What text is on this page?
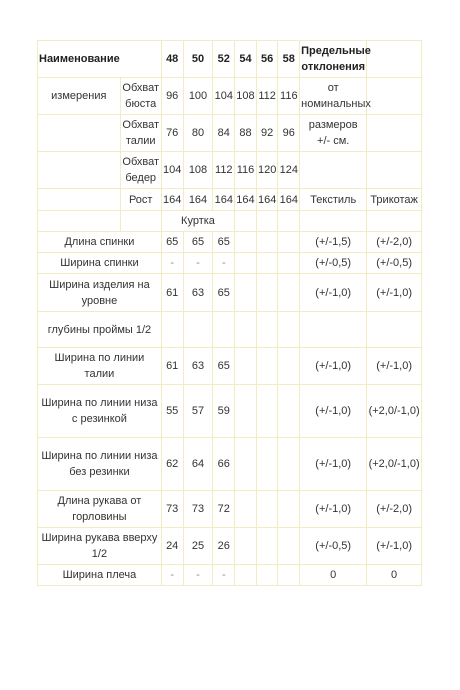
Наименование		48	50	52	54	56	58	Предельные отклонения	
измерения	Обхват бюста	96	100	104	108	112	116	от номинальных	
	Обхват талии	76	80	84	88	92	96	размеров +/- см.	
	Обхват бедер	104	108	112	116	120	124		
	Рост	164	164	164	164	164	164	Текстиль	Трикотаж
		Куртка							
Длина спинки		65	65	65				(+/-1,5)	(+/-2,0)
Ширина спинки		-	-	-				(+/-0,5)	(+/-0,5)
Ширина изделия на уровне		61	63	65				(+/-1,0)	(+/-1,0)
глубины проймы 1/2									
Ширина по линии талии		61	63	65				(+/-1,0)	(+/-1,0)
Ширина по линии низа с резинкой		55	57	59				(+/-1,0)	(+2,0/-1,0)
Ширина по линии низа без резинки		62	64	66				(+/-1,0)	(+2,0/-1,0)
Длина рукава от горловины		73	73	72				(+/-1,0)	(+/-2,0)
Ширина рукава вверху 1/2		24	25	26				(+/-0,5)	(+/-1,0)
Ширина плеча		-	-	-				0	0
